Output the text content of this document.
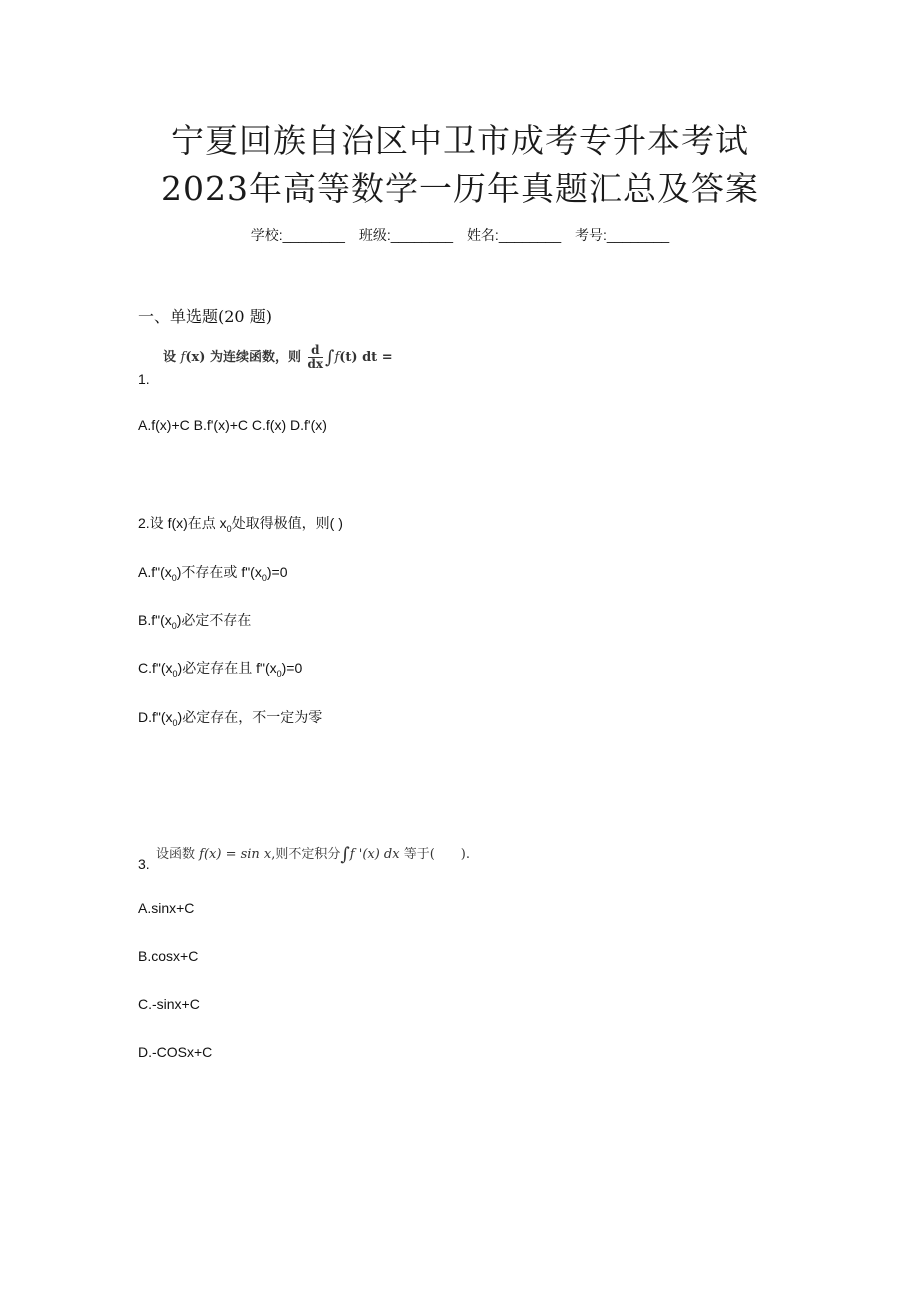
宁夏回族自治区中卫市成考专升本考试
2023年高等数学一历年真题汇总及答案
学校:________ 班级:________ 姓名:________ 考号:________
一、单选题(20 题)
设 f(x) 为连续函数，则 $\frac{d}{dx} \int f(t)$ dt =
1.
A.f(x)+C B.f'(x)+C C.f(x) D.f'(x)
2.设 f(x)在点 $x_0$处取得极值，则( )
$A.f"(x_0)$不存在或 $f"(x_0)=0$
$B.f"(x_0)$必定不存在
$C.f"(x_0)$必定存在且 $f"(x_0)=0$
$D.f"(x_0)$必定存在，不一定为零
3.
设函数 f(x) = sin x,则不定积分∫f '(x) dx 等于(　　).
A.sinx+C
B.cosx+C
C.-sinx+C
D.-COSx+C
